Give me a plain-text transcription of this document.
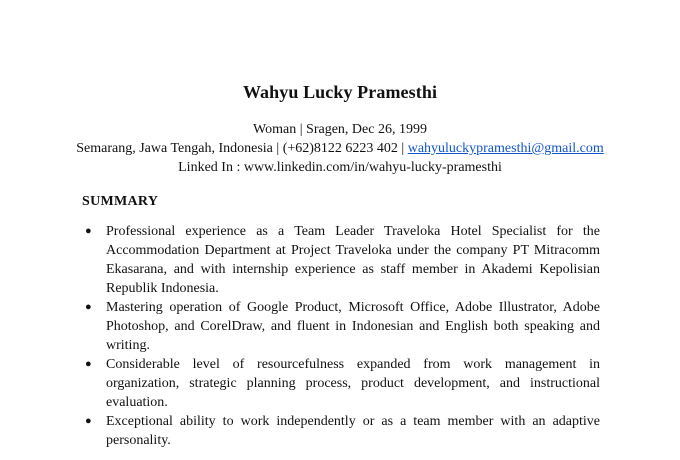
Wahyu Lucky Pramesthi
Woman | Sragen, Dec 26, 1999
Semarang, Jawa Tengah, Indonesia | (+62)8122 6223 402 | wahyuluckypramesthi@gmail.com
Linked In : www.linkedin.com/in/wahyu-lucky-pramesthi
SUMMARY
● Professional experience as a Team Leader Traveloka Hotel Specialist for the Accommodation Department at Project Traveloka under the company PT Mitracomm Ekasarana, and with internship experience as staff member in Akademi Kepolisian Republik Indonesia.
● Mastering operation of Google Product, Microsoft Office, Adobe Illustrator, Adobe Photoshop, and CorelDraw, and fluent in Indonesian and English both speaking and writing.
● Considerable level of resourcefulness expanded from work management in organization, strategic planning process, product development, and instructional evaluation.
● Exceptional ability to work independently or as a team member with an adaptive personality.
